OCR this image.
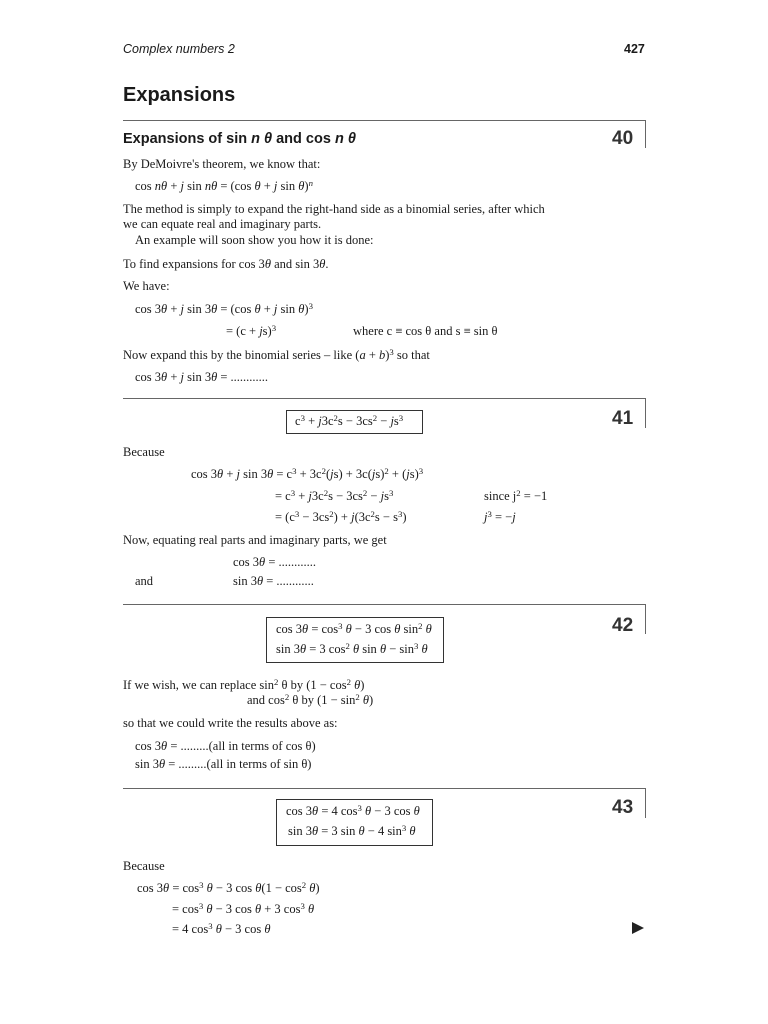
Complex numbers 2	427
Expansions
40
Expansions of sin n θ and cos n θ
By DeMoivre's theorem, we know that:
cos nθ + j sin nθ = (cos θ + j sin θ)$^n$
The method is simply to expand the right-hand side as a binomial series, after which
we can equate real and imaginary parts.
An example will soon show you how it is done:
To find expansions for cos 3θ and sin 3θ.
We have:
cos 3θ + j sin 3θ = (cos θ + j sin θ)$^3$
= (c + js)$^3$	where c ≡ cos θ and s ≡ sin θ
Now expand this by the binomial series – like $(a + b)^3$ so that
cos 3θ + j sin 3θ = ............
41
$c^3 + j3c^2s - 3cs^2 - js^3$
Because
cos 3θ + j $\sin 3\theta = c^3 + 3c^2(js) + 3c(js)^2 + (js)^3$
= $c^3 + j3c^2s - 3cs^2 - js^3$	since $j^2 = -1$
= $(c^3 - 3cs^2) + j(3c^2s - s^3)$	$j^3 = -j$
Now, equating real parts and imaginary parts, we get
cos 3θ = ............
and	sin 3θ = ............
42
$\cos 3\theta = \cos^3 \theta - 3$ cos θ $\sin^2 \theta$
sin 3θ = 3 $\cos^2 \theta$ $\sin \theta - \sin^3 \theta$
If we wish, we can replace $\sin^2 \theta$ by $(1 - \cos^2 \theta)$
and $\cos^2 \theta$ by $(1 - \sin^2 \theta)$
so that we could write the results above as:
cos 3θ = .........(all in terms of cos θ)
sin 3θ = .........(all in terms of sin θ)
43
cos 3θ = 4 $\cos^3 \theta - 3$ cos θ
sin 3θ = 3 sin θ − 4 $\sin^3 \theta$
Because
$\cos 3\theta = \cos^3 \theta - 3$ $\cos \theta(1 - \cos^2 \theta)$
= $\cos^3 \theta - 3$ cos θ + 3 $\cos^3 \theta$
= 4 $\cos^3 \theta - 3$ cos θ
